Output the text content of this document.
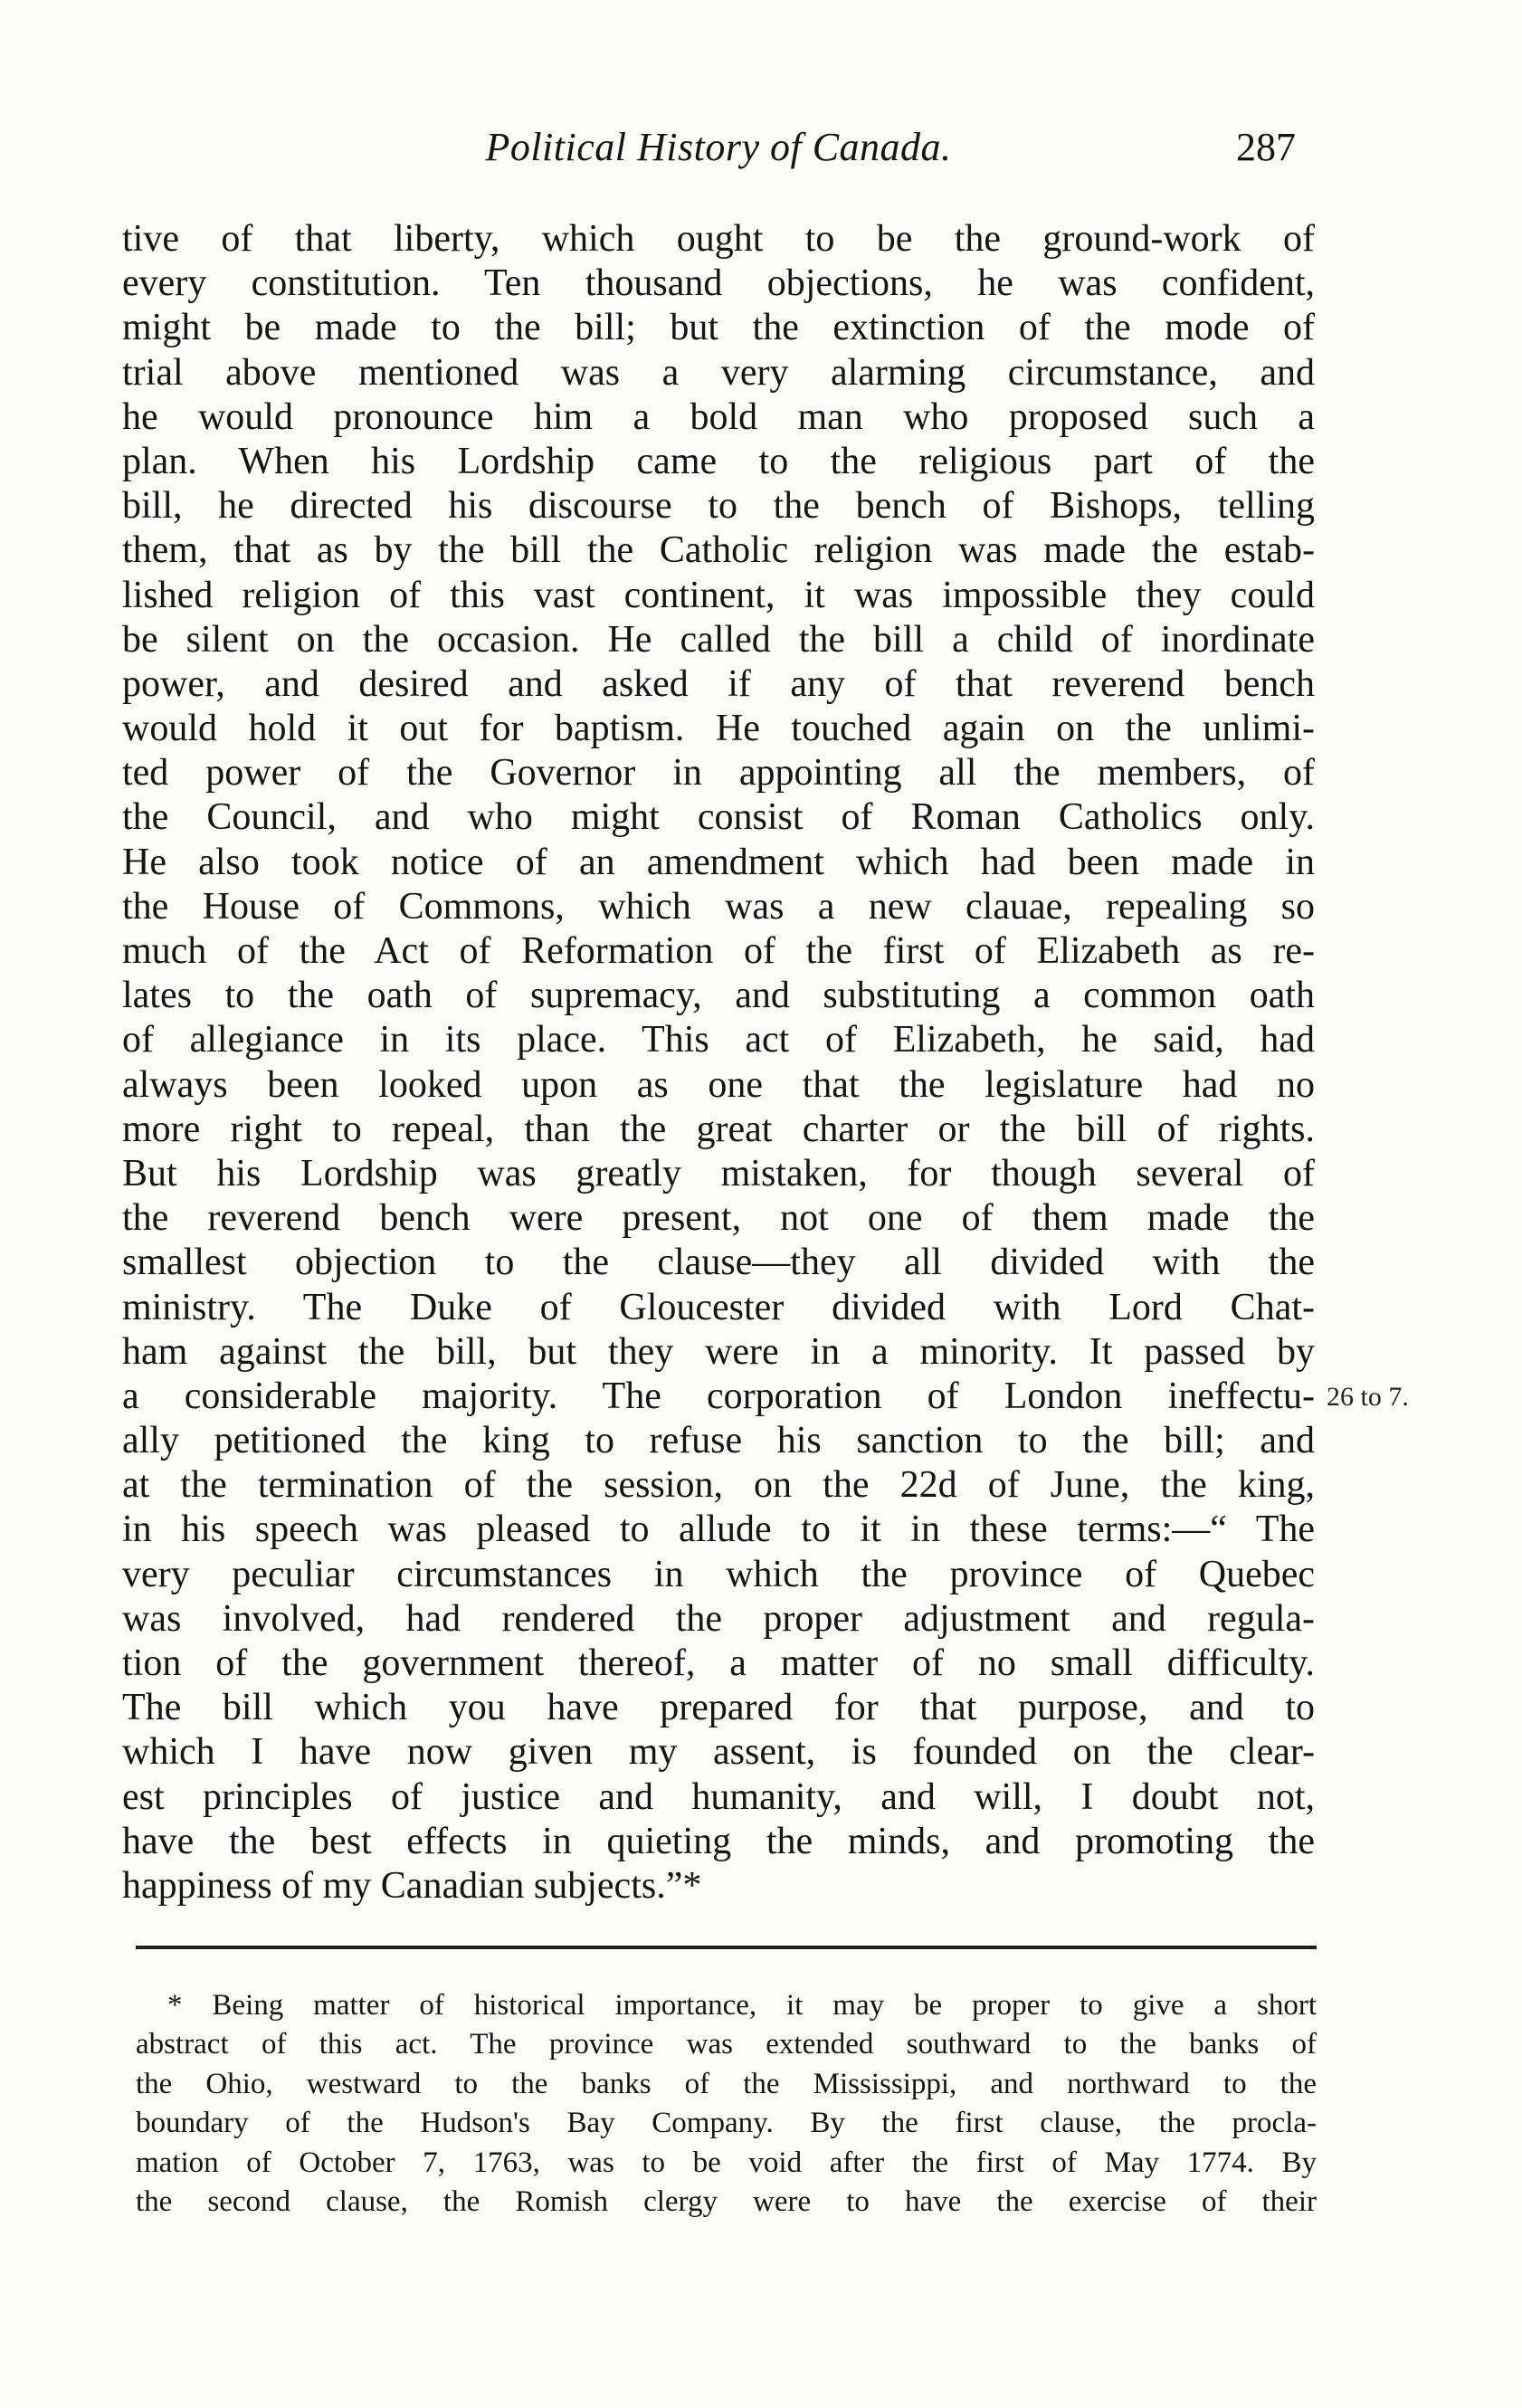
Political History of Canada.	287
tive of that liberty, which ought to be the ground-work of
every constitution. Ten thousand objections, he was confident,
might be made to the bill; but the extinction of the mode of
trial above mentioned was a very alarming circumstance, and
he would pronounce him a bold man who proposed such a
plan. When his Lordship came to the religious part of the
bill, he directed his discourse to the bench of Bishops, telling
them, that as by the bill the Catholic religion was made the estab-
lished religion of this vast continent, it was impossible they could
be silent on the occasion. He called the bill a child of inordinate
power, and desired and asked if any of that reverend bench
would hold it out for baptism. He touched again on the unlimi-
ted power of the Governor in appointing all the members, of
the Council, and who might consist of Roman Catholics only.
He also took notice of an amendment which had been made in
the House of Commons, which was a new clauae, repealing so
much of the Act of Reformation of the first of Elizabeth as re-
lates to the oath of supremacy, and substituting a common oath
of allegiance in its place. This act of Elizabeth, he said, had
always been looked upon as one that the legislature had no
more right to repeal, than the great charter or the bill of rights.
But his Lordship was greatly mistaken, for though several of
the reverend bench were present, not one of them made the
smallest objection to the clause—they all divided with the
ministry. The Duke of Gloucester divided with Lord Chat-
ham against the bill, but they were in a minority. It passed by
a considerable majority. The corporation of London ineffectu-
ally petitioned the king to refuse his sanction to the bill; and
at the termination of the session, on the 22d of June, the king,
in his speech was pleased to allude to it in these terms:—“ The
very peculiar circumstances in which the province of Quebec
was involved, had rendered the proper adjustment and regula-
tion of the government thereof, a matter of no small difficulty.
The bill which you have prepared for that purpose, and to
which I have now given my assent, is founded on the clear-
est principles of justice and humanity, and will, I doubt not,
have the best effects in quieting the minds, and promoting the
happiness of my Canadian subjects.”*
26 to 7.
* Being matter of historical importance, it may be proper to give a short
abstract of this act. The province was extended southward to the banks of
the Ohio, westward to the banks of the Mississippi, and northward to the
boundary of the Hudson's Bay Company. By the first clause, the procla-
mation of October 7, 1763, was to be void after the first of May 1774. By
the second clause, the Romish clergy were to have the exercise of their
